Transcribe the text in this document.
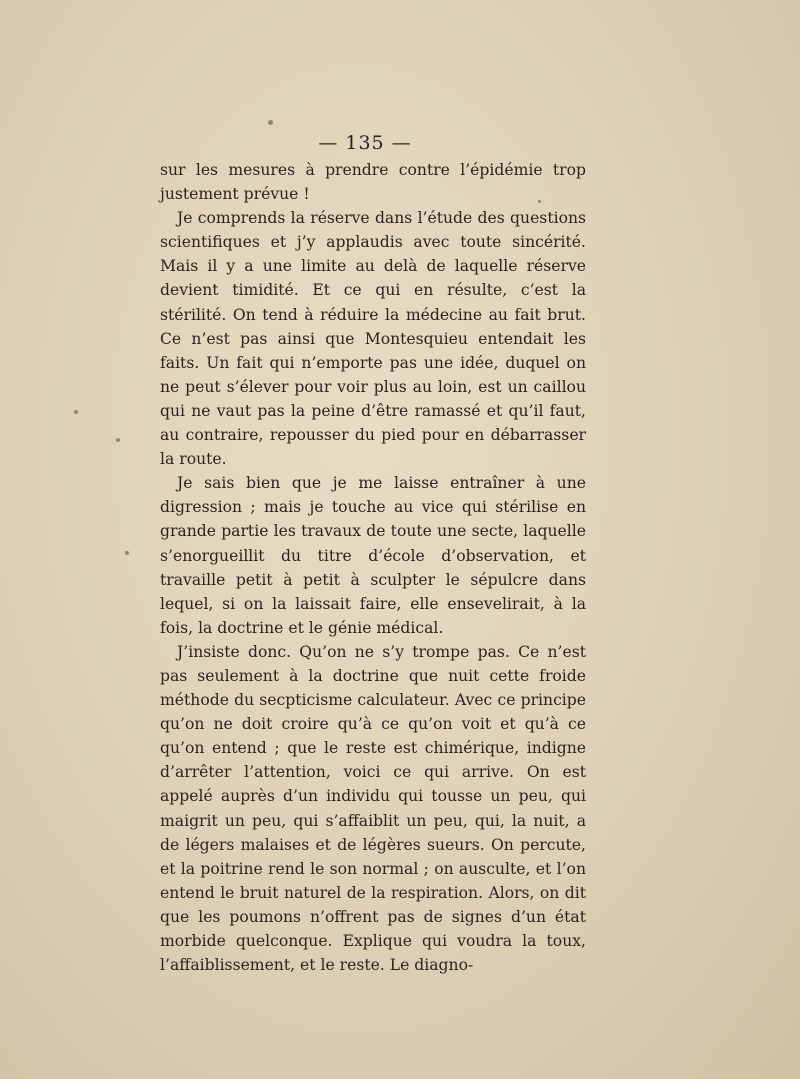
— 135 —

sur les mesures à prendre contre l’épidémie trop justement prévue !

Je comprends la réserve dans l’étude des questions scientifiques et j’y applaudis avec toute sincérité. Mais il y a une limite au delà de laquelle réserve devient timidité. Et ce qui en résulte, c’est la stérilité. On tend à réduire la médecine au fait brut. Ce n’est pas ainsi que Montesquieu entendait les faits. Un fait qui n’emporte pas une idée, duquel on ne peut s’élever pour voir plus au loin, est un caillou qui ne vaut pas la peine d’être ramassé et qu’il faut, au contraire, repousser du pied pour en débarrasser la route.

Je sais bien que je me laisse entraîner à une digression ; mais je touche au vice qui stérilise en grande partie les travaux de toute une secte, laquelle s’enorgueillit du titre d’école d’observation, et travaille petit à petit à sculpter le sépulcre dans lequel, si on la laissait faire, elle ensevelirait, à la fois, la doctrine et le génie médical.

J’insiste donc. Qu’on ne s’y trompe pas. Ce n’est pas seulement à la doctrine que nuit cette froide méthode du secpticisme calculateur. Avec ce principe qu’on ne doit croire qu’à ce qu’on voit et qu’à ce qu’on entend ; que le reste est chimérique, indigne d’arrêter l’attention, voici ce qui arrive. On est appelé auprès d’un individu qui tousse un peu, qui maigrit un peu, qui s’affaiblit un peu, qui, la nuit, a de légers malaises et de légères sueurs. On percute, et la poitrine rend le son normal ; on ausculte, et l’on entend le bruit naturel de la respiration. Alors, on dit que les poumons n’offrent pas de signes d’un état morbide quelconque. Explique qui voudra la toux, l’affaiblissement, et le reste. Le diagno-
